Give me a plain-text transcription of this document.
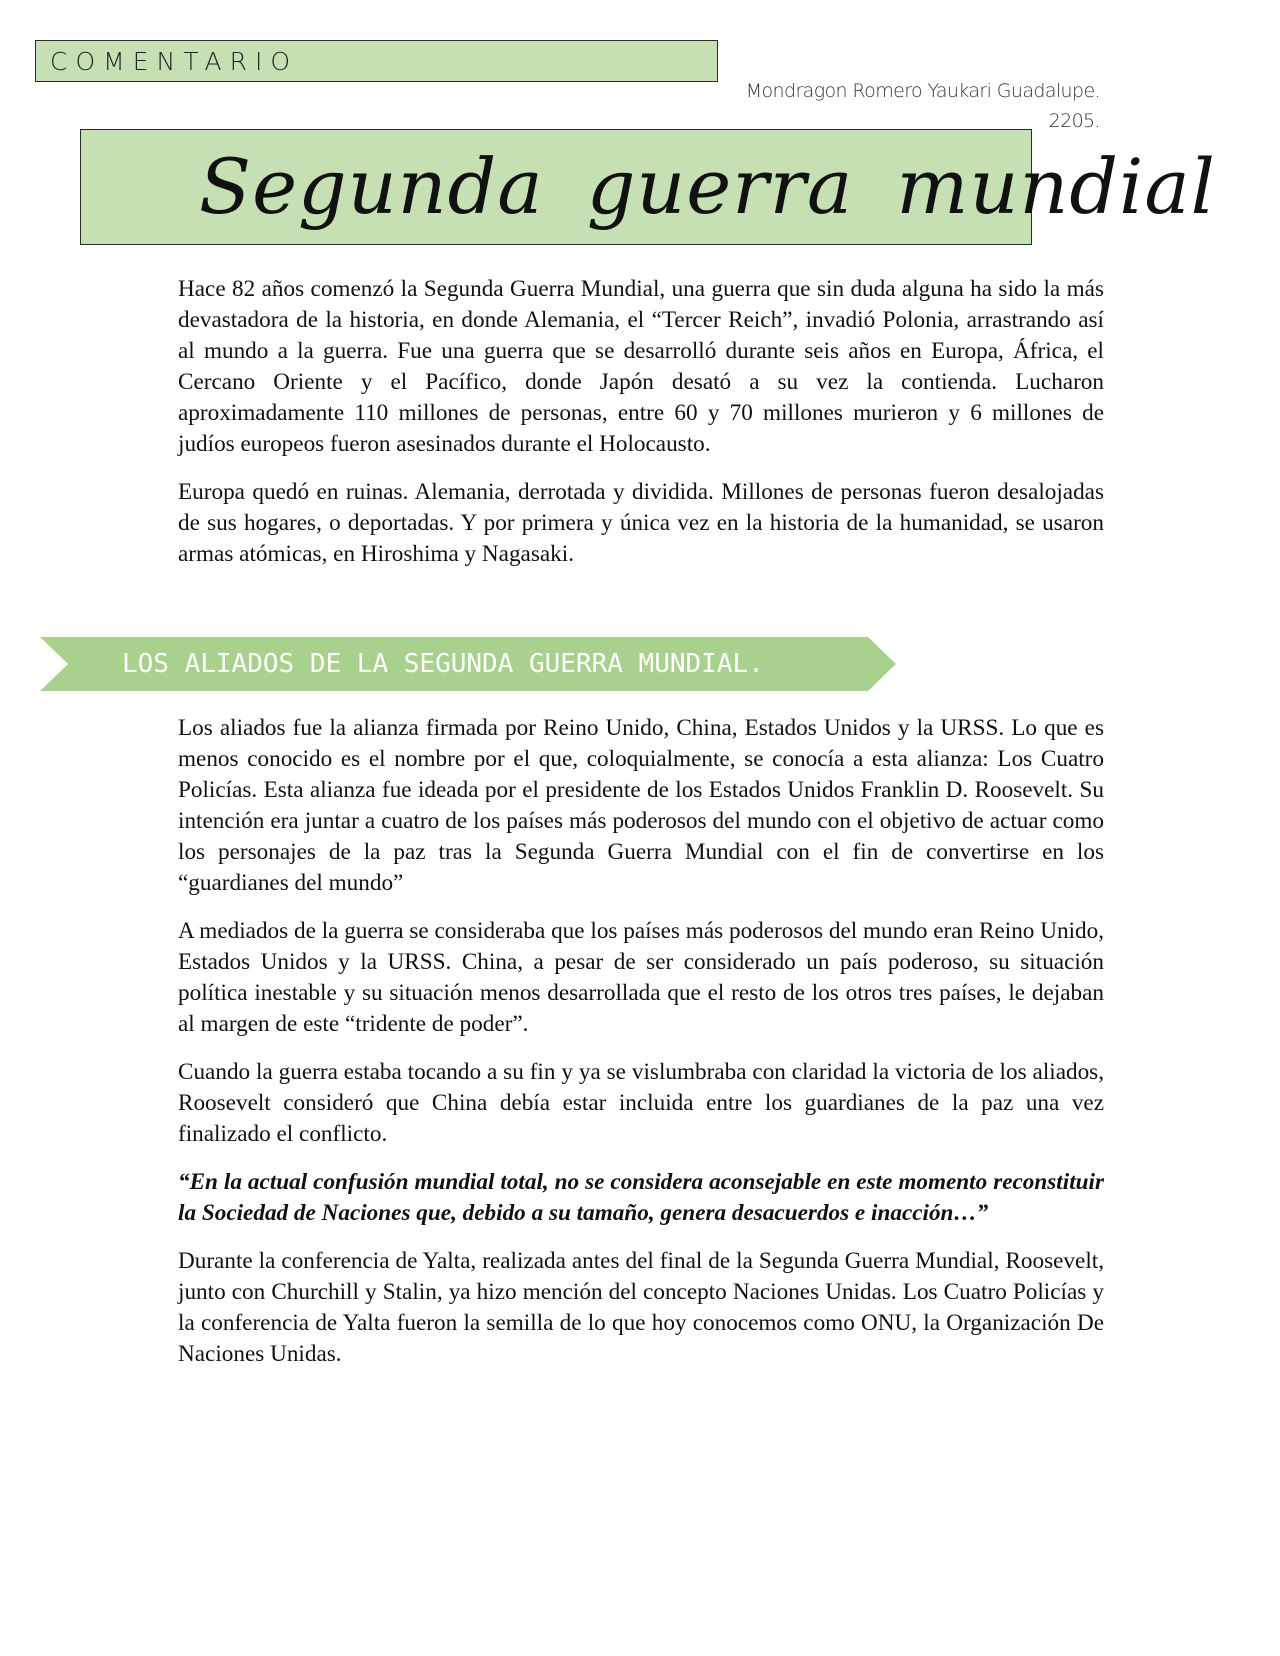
COMENTARIO
Mondragon Romero Yaukari Guadalupe.
2205.
Segunda guerra mundial

Hace 82 años comenzó la Segunda Guerra Mundial, una guerra que sin duda alguna ha sido la más devastadora de la historia, en donde Alemania, el “Tercer Reich”, invadió Polonia, arrastrando así al mundo a la guerra. Fue una guerra que se desarrolló durante seis años en Europa, África, el Cercano Oriente y el Pacífico, donde Japón desató a su vez la contienda. Lucharon aproximadamente 110 millones de personas, entre 60 y 70 millones murieron y 6 millones de judíos europeos fueron asesinados durante el Holocausto.

Europa quedó en ruinas. Alemania, derrotada y dividida. Millones de personas fueron desalojadas de sus hogares, o deportadas. Y por primera y única vez en la historia de la humanidad, se usaron armas atómicas, en Hiroshima y Nagasaki.

LOS ALIADOS DE LA SEGUNDA GUERRA MUNDIAL.

Los aliados fue la alianza firmada por Reino Unido, China, Estados Unidos y la URSS. Lo que es menos conocido es el nombre por el que, coloquialmente, se conocía a esta alianza: Los Cuatro Policías. Esta alianza fue ideada por el presidente de los Estados Unidos Franklin D. Roosevelt. Su intención era juntar a cuatro de los países más poderosos del mundo con el objetivo de actuar como los personajes de la paz tras la Segunda Guerra Mundial con el fin de convertirse en los “guardianes del mundo”

A mediados de la guerra se consideraba que los países más poderosos del mundo eran Reino Unido, Estados Unidos y la URSS. China, a pesar de ser considerado un país poderoso, su situación política inestable y su situación menos desarrollada que el resto de los otros tres países, le dejaban al margen de este “tridente de poder”.

Cuando la guerra estaba tocando a su fin y ya se vislumbraba con claridad la victoria de los aliados, Roosevelt consideró que China debía estar incluida entre los guardianes de la paz una vez finalizado el conflicto.

“En la actual confusión mundial total, no se considera aconsejable en este momento reconstituir la Sociedad de Naciones que, debido a su tamaño, genera desacuerdos e inacción…”

Durante la conferencia de Yalta, realizada antes del final de la Segunda Guerra Mundial, Roosevelt, junto con Churchill y Stalin, ya hizo mención del concepto Naciones Unidas. Los Cuatro Policías y la conferencia de Yalta fueron la semilla de lo que hoy conocemos como ONU, la Organización De Naciones Unidas.
